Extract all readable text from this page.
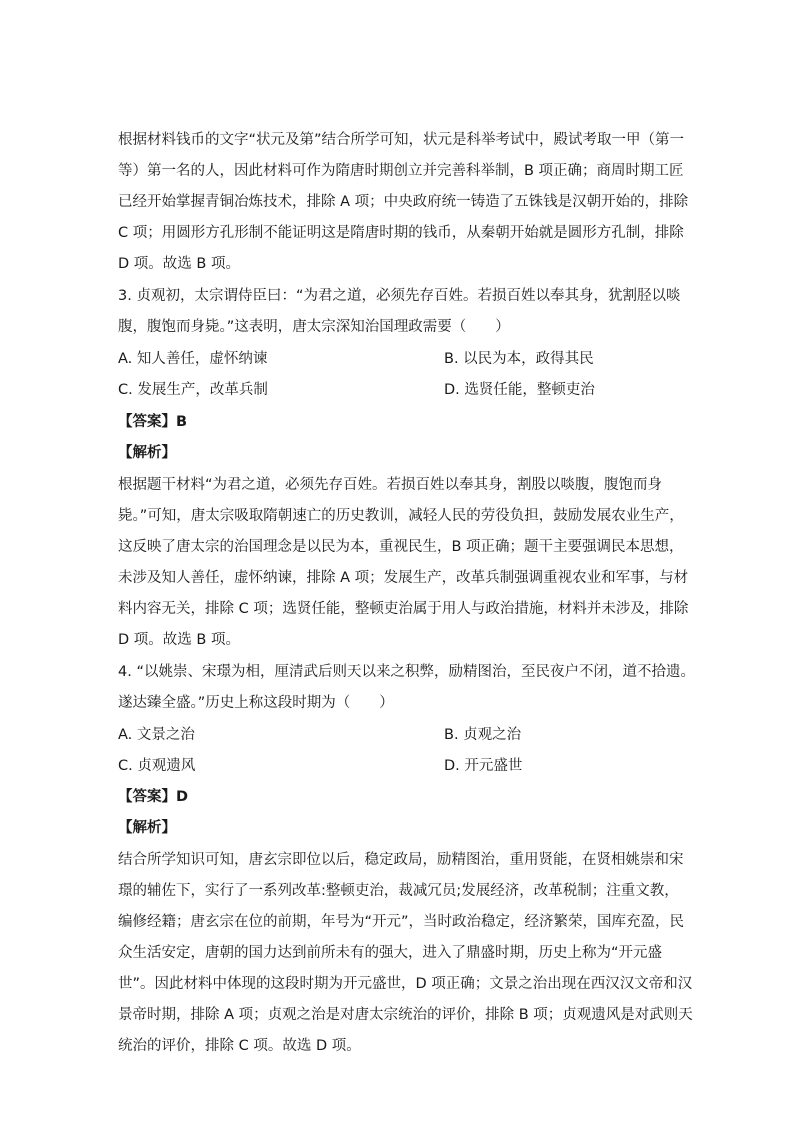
根据材料钱币的文字“状元及第”结合所学可知，状元是科举考试中，殿试考取一甲（第一
等）第一名的人，因此材料可作为隋唐时期创立并完善科举制，B 项正确；商周时期工匠
已经开始掌握青铜冶炼技术，排除 A 项；中央政府统一铸造了五铢钱是汉朝开始的，排除
C 项；用圆形方孔形制不能证明这是隋唐时期的钱币，从秦朝开始就是圆形方孔制，排除
D 项。故选 B 项。
3. 贞观初，太宗谓侍臣曰：“为君之道，必须先存百姓。若损百姓以奉其身，犹割胫以啖
腹，腹饱而身毙。”这表明，唐太宗深知治国理政需要（　　）
A. 知人善任，虚怀纳谏	B. 以民为本，政得其民
C. 发展生产，改革兵制	D. 选贤任能，整顿吏治
【答案】B
【解析】
根据题干材料“为君之道，必须先存百姓。若损百姓以奉其身，割股以啖腹，腹饱而身
毙。”可知，唐太宗吸取隋朝速亡的历史教训，减轻人民的劳役负担，鼓励发展农业生产，
这反映了唐太宗的治国理念是以民为本，重视民生，B 项正确；题干主要强调民本思想，
未涉及知人善任，虚怀纳谏，排除 A 项；发展生产，改革兵制强调重视农业和军事，与材
料内容无关，排除 C 项；选贤任能，整顿吏治属于用人与政治措施，材料并未涉及，排除
D 项。故选 B 项。
4. “以姚崇、宋璟为相，厘清武后则天以来之积弊，励精图治，至民夜户不闭，道不拾遗。
遂达臻全盛。”历史上称这段时期为（　　）
A. 文景之治	B. 贞观之治
C. 贞观遗风	D. 开元盛世
【答案】D
【解析】
结合所学知识可知，唐玄宗即位以后，稳定政局，励精图治，重用贤能，在贤相姚崇和宋
璟的辅佐下，实行了一系列改革:整顿吏治，裁减冗员;发展经济，改革税制；注重文教，
编修经籍；唐玄宗在位的前期，年号为“开元”，当时政治稳定，经济繁荣，国库充盈，民
众生活安定，唐朝的国力达到前所未有的强大，进入了鼎盛时期，历史上称为“开元盛
世”。因此材料中体现的这段时期为开元盛世，D 项正确；文景之治出现在西汉汉文帝和汉
景帝时期，排除 A 项；贞观之治是对唐太宗统治的评价，排除 B 项；贞观遗风是对武则天
统治的评价，排除 C 项。故选 D 项。
